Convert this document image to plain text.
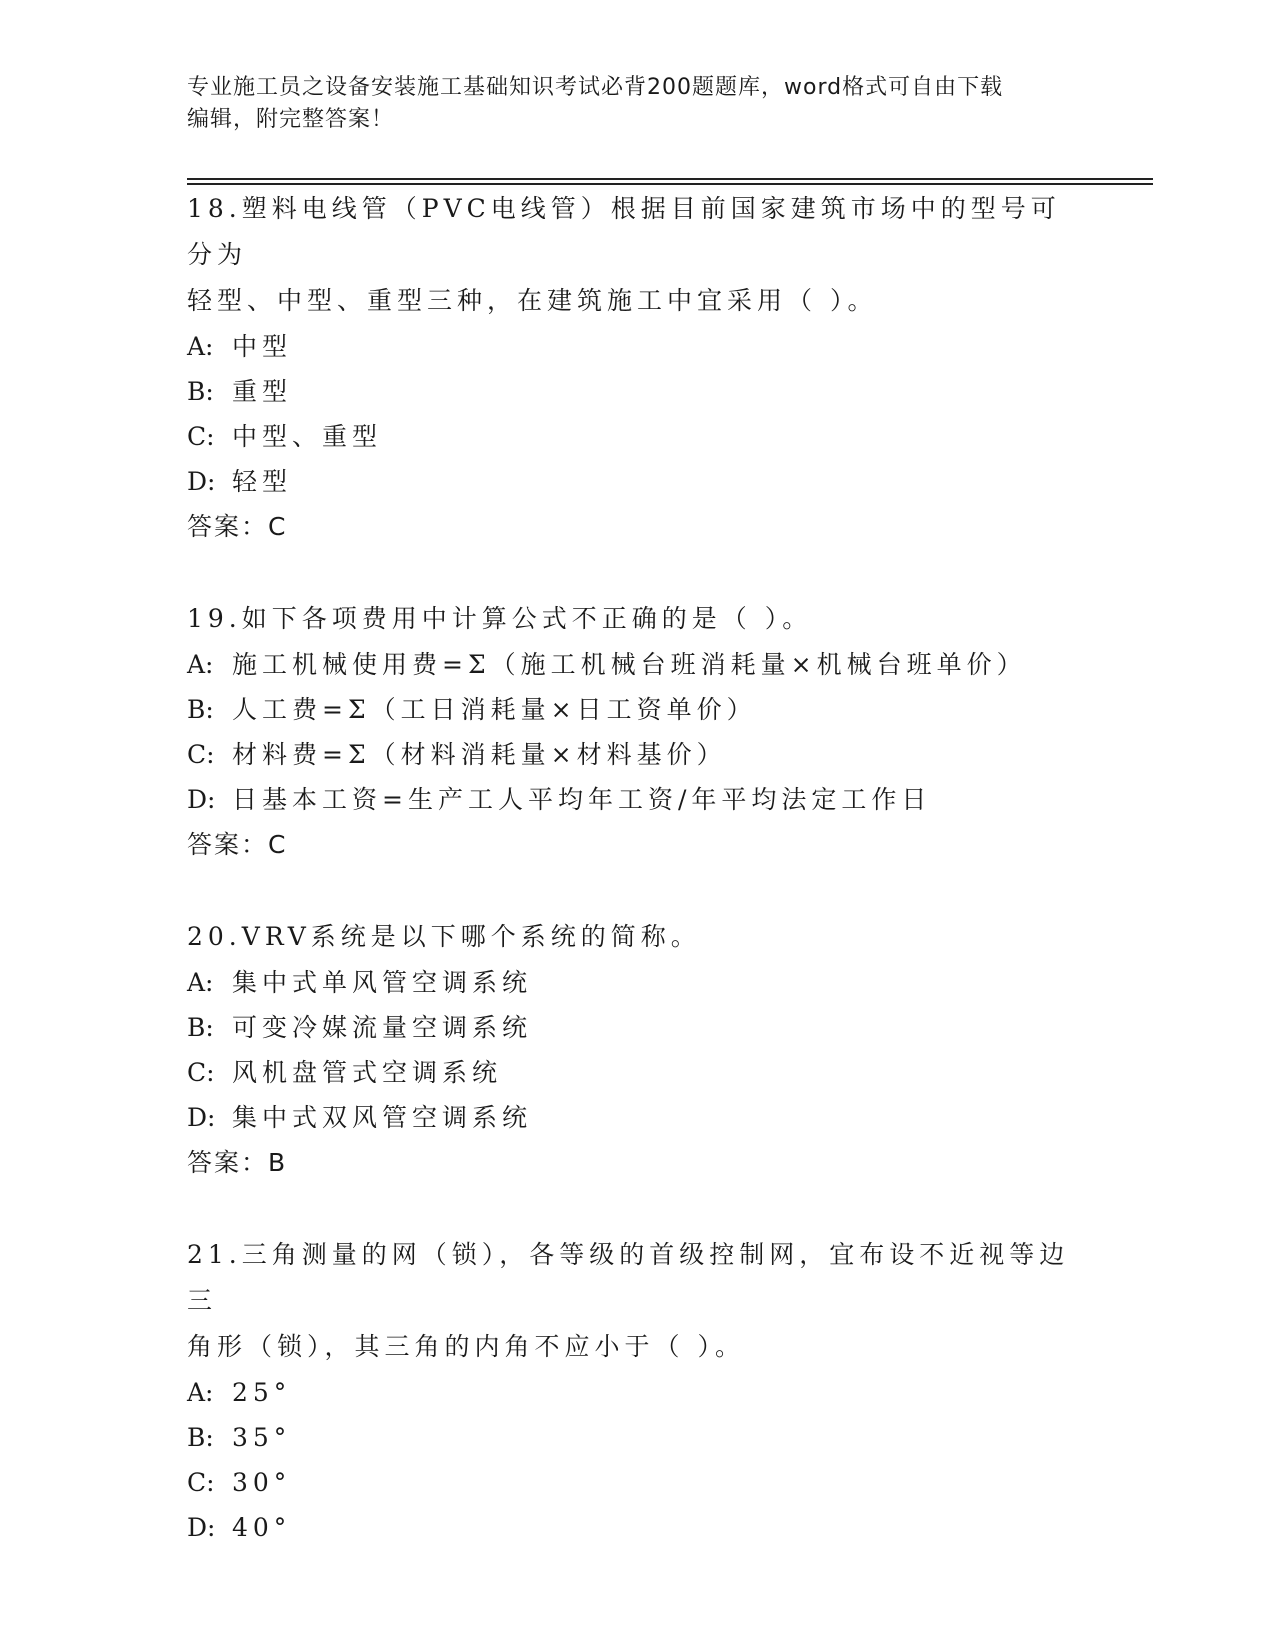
专业施工员之设备安装施工基础知识考试必背200题题库，word格式可自由下载
编辑，附完整答案！

18.塑料电线管（PVC电线管）根据目前国家建筑市场中的型号可分为
轻型、中型、重型三种，在建筑施工中宜采用（ ）。

A: 中型

B: 重型

C: 中型、重型

D: 轻型

答案：C

19.如下各项费用中计算公式不正确的是（ ）。

A: 施工机械使用费=Σ（施工机械台班消耗量×机械台班单价）

B: 人工费=Σ（工日消耗量×日工资单价）

C: 材料费=Σ（材料消耗量×材料基价）

D: 日基本工资=生产工人平均年工资/年平均法定工作日

答案：C

20.VRV系统是以下哪个系统的简称。

A: 集中式单风管空调系统

B: 可变冷媒流量空调系统

C: 风机盘管式空调系统

D: 集中式双风管空调系统

答案：B

21.三角测量的网（锁），各等级的首级控制网，宜布设不近视等边三
角形（锁），其三角的内角不应小于（ ）。

A: 25°

B: 35°

C: 30°

D: 40°
